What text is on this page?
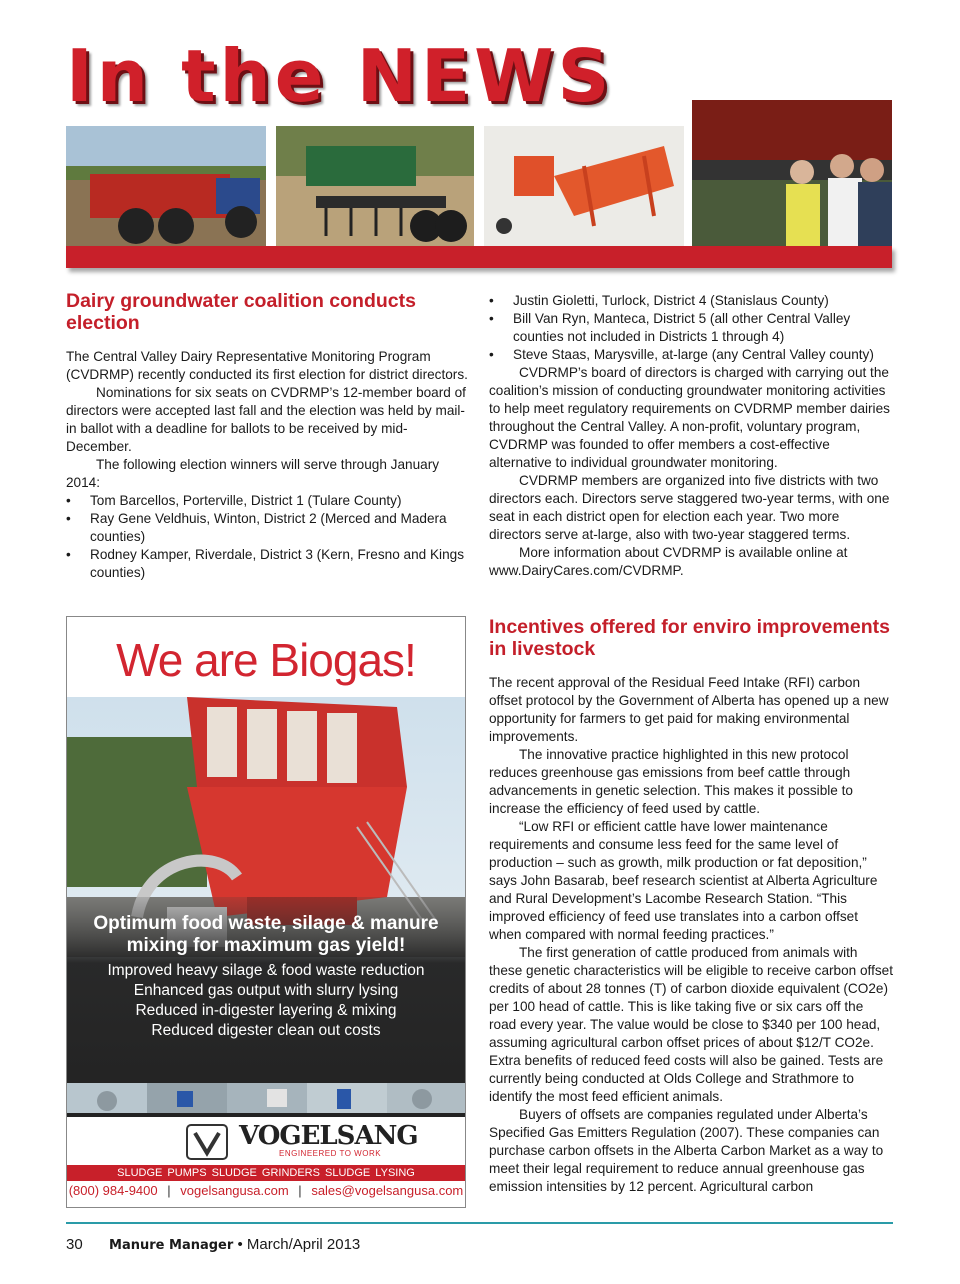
In the NEWS
Dairy groundwater coalition conducts election

The Central Valley Dairy Representative Monitoring Program (CVDRMP) recently conducted its first election for district directors.

Nominations for six seats on CVDRMP’s 12-member board of directors were accepted last fall and the election was held by mail-in ballot with a deadline for ballots to be received by mid-December.

The following election winners will serve through January 2014:

• Tom Barcellos, Porterville, District 1 (Tulare County)
• Ray Gene Veldhuis, Winton, District 2 (Merced and Madera counties)
• Rodney Kamper, Riverdale, District 3 (Kern, Fresno and Kings counties)
• Justin Gioletti, Turlock, District 4 (Stanislaus County)
• Bill Van Ryn, Manteca, District 5 (all other Central Valley counties not included in Districts 1 through 4)
• Steve Staas, Marysville, at-large (any Central Valley county)

CVDRMP’s board of directors is charged with carrying out the coalition’s mission of conducting groundwater monitoring activities to help meet regulatory requirements on CVDRMP member dairies throughout the Central Valley. A non-profit, voluntary program, CVDRMP was founded to offer members a cost-effective alternative to individual groundwater monitoring.

CVDRMP members are organized into five districts with two directors each. Directors serve staggered two-year terms, with one seat in each district open for election each year. Two more directors serve at-large, also with two-year staggered terms.

More information about CVDRMP is available online at www.DairyCares.com/CVDRMP.

Incentives offered for enviro improvements in livestock

The recent approval of the Residual Feed Intake (RFI) carbon offset protocol by the Government of Alberta has opened up a new opportunity for farmers to get paid for making environmental improvements.

The innovative practice highlighted in this new protocol reduces greenhouse gas emissions from beef cattle through advancements in genetic selection. This makes it possible to increase the efficiency of feed used by cattle.

“Low RFI or efficient cattle have lower maintenance requirements and consume less feed for the same level of production – such as growth, milk production or fat deposition,” says John Basarab, beef research scientist at Alberta Agriculture and Rural Development’s Lacombe Research Station. “This improved efficiency of feed use translates into a carbon offset when compared with normal feeding practices.”

The first generation of cattle produced from animals with these genetic characteristics will be eligible to receive carbon offset credits of about 28 tonnes (T) of carbon dioxide equivalent (CO2e) per 100 head of cattle. This is like taking five or six cars off the road every year. The value would be close to $340 per 100 head, assuming agricultural carbon offset prices of about $12/T CO2e. Extra benefits of reduced feed costs will also be gained. Tests are currently being conducted at Olds College and Strathmore to identify the most feed efficient animals.

Buyers of offsets are companies regulated under Alberta’s Specified Gas Emitters Regulation (2007). These companies can purchase carbon offsets in the Alberta Carbon Market as a way to meet their legal requirement to reduce annual greenhouse gas emission intensities by 12 percent. Agricultural carbon

We are Biogas!
Optimum food waste, silage & manure mixing for maximum gas yield!
Improved heavy silage & food waste reduction
Enhanced gas output with slurry lysing
Reduced in-digester layering & mixing
Reduced digester clean out costs
VOGELSANG
ENGINEERED TO WORK
SLUDGE PUMPS SLUDGE GRINDERS SLUDGE LYSING
(800) 984-9400 | vogelsangusa.com | sales@vogelsangusa.com
30 Manure Manager • March/April 2013
